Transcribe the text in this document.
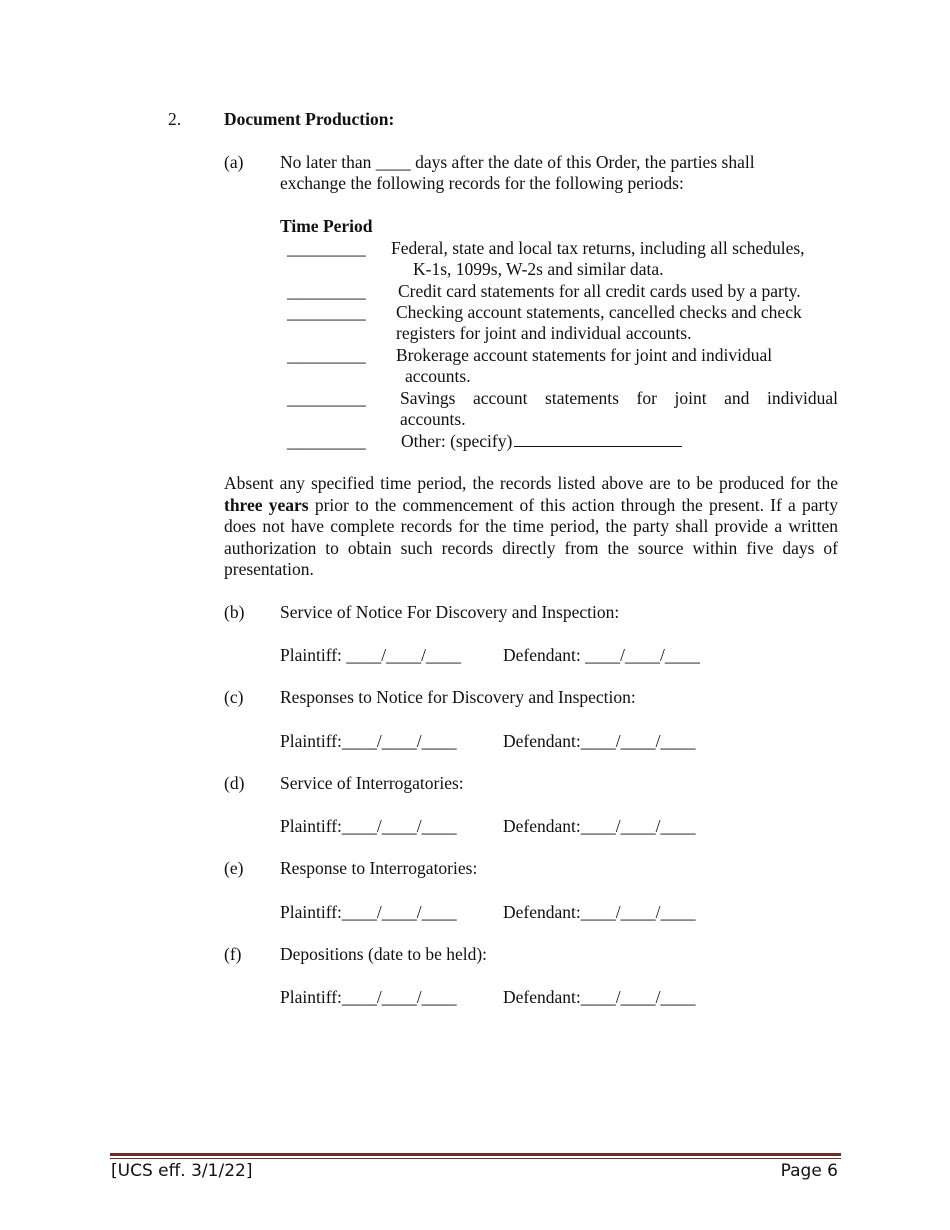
2. Document Production:
(a) No later than ____ days after the date of this Order, the parties shall
exchange the following records for the following periods:
Time Period
_________ Federal, state and local tax returns, including all schedules,
K-1s, 1099s, W-2s and similar data.
_________ Credit card statements for all credit cards used by a party.
_________ Checking account statements, cancelled checks and check
registers for joint and individual accounts.
_________ Brokerage account statements for joint and individual
accounts.
_________ Savings account statements for joint and individual
accounts.
_________ Other: (specify)
Absent any specified time period, the records listed above are to be produced for the three years prior to the commencement of this action through the present. If a party does not have complete records for the time period, the party shall provide a written authorization to obtain such records directly from the source within five days of presentation.
(b) Service of Notice For Discovery and Inspection:
Plaintiff: ____/____/____ Defendant: ____/____/____
(c) Responses to Notice for Discovery and Inspection:
Plaintiff:____/____/____	Defendant:____/____/____
(d) Service of Interrogatories:
Plaintiff:____/____/____	Defendant:____/____/____
(e) Response to Interrogatories:
Plaintiff:____/____/____	Defendant:____/____/____
(f) Depositions (date to be held):
Plaintiff:____/____/____	Defendant:____/____/____
[UCS eff. 3/1/22]	Page 6
